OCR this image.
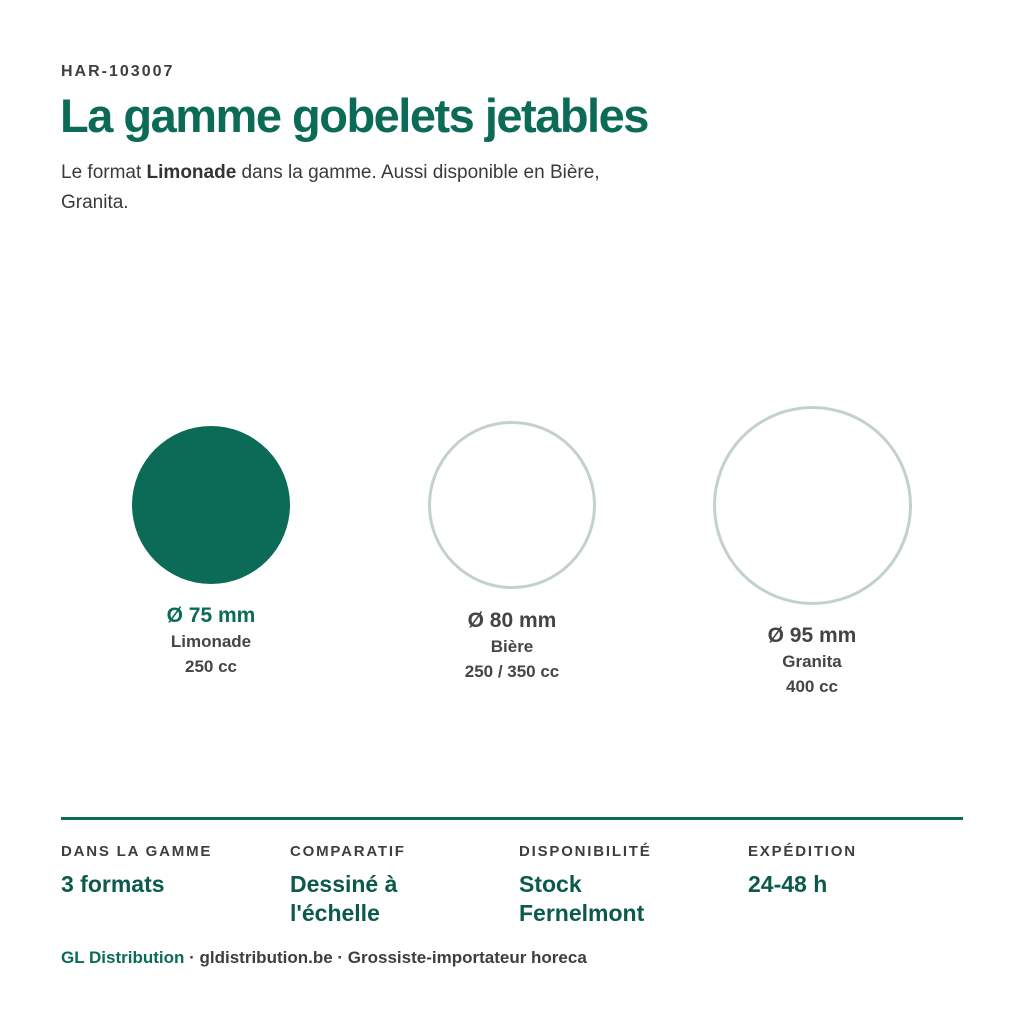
HAR-103007
La gamme gobelets jetables

Le format Limonade dans la gamme. Aussi disponible en Bière, Granita.

Ø 75 mm
Limonade
250 cc
Ø 80 mm
Bière
250 / 350 cc
Ø 95 mm
Granita
400 cc
DANS LA GAMME
3 formats
COMPARATIF
Dessiné à l'échelle
DISPONIBILITÉ
Stock Fernelmont
EXPÉDITION
24-48 h
GL Distribution · gldistribution.be · Grossiste-importateur horeca
